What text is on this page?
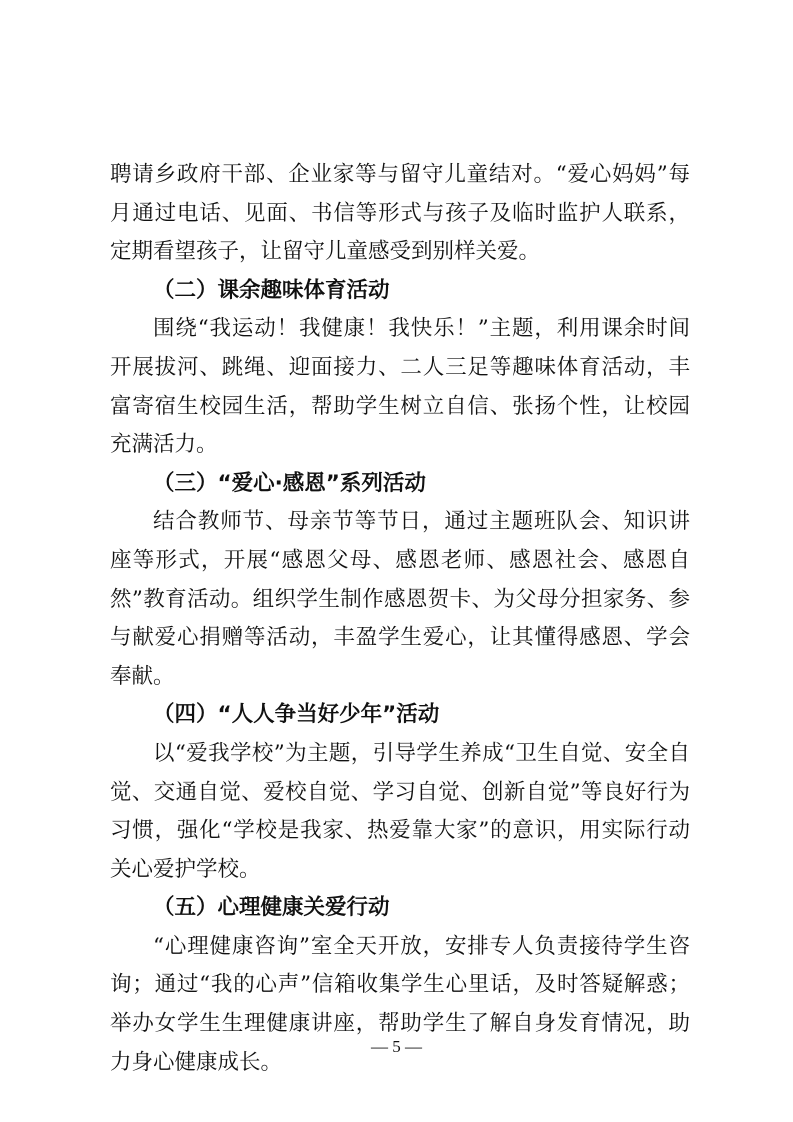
聘请乡政府干部、企业家等与留守儿童结对。“爱心妈妈”每月通过电话、见面、书信等形式与孩子及临时监护人联系，定期看望孩子，让留守儿童感受到别样关爱。

（二）课余趣味体育活动

围绕“我运动！我健康！我快乐！”主题，利用课余时间开展拔河、跳绳、迎面接力、二人三足等趣味体育活动，丰富寄宿生校园生活，帮助学生树立自信、张扬个性，让校园充满活力。

（三）“爱心·感恩”系列活动

结合教师节、母亲节等节日，通过主题班队会、知识讲座等形式，开展“感恩父母、感恩老师、感恩社会、感恩自然”教育活动。组织学生制作感恩贺卡、为父母分担家务、参与献爱心捐赠等活动，丰盈学生爱心，让其懂得感恩、学会奉献。

（四）“人人争当好少年”活动

以“爱我学校”为主题，引导学生养成“卫生自觉、安全自觉、交通自觉、爱校自觉、学习自觉、创新自觉”等良好行为习惯，强化“学校是我家、热爱靠大家”的意识，用实际行动关心爱护学校。

（五）心理健康关爱行动

“心理健康咨询”室全天开放，安排专人负责接待学生咨询；通过“我的心声”信箱收集学生心里话，及时答疑解惑；举办女学生生理健康讲座，帮助学生了解自身发育情况，助力身心健康成长。

— 5 —
